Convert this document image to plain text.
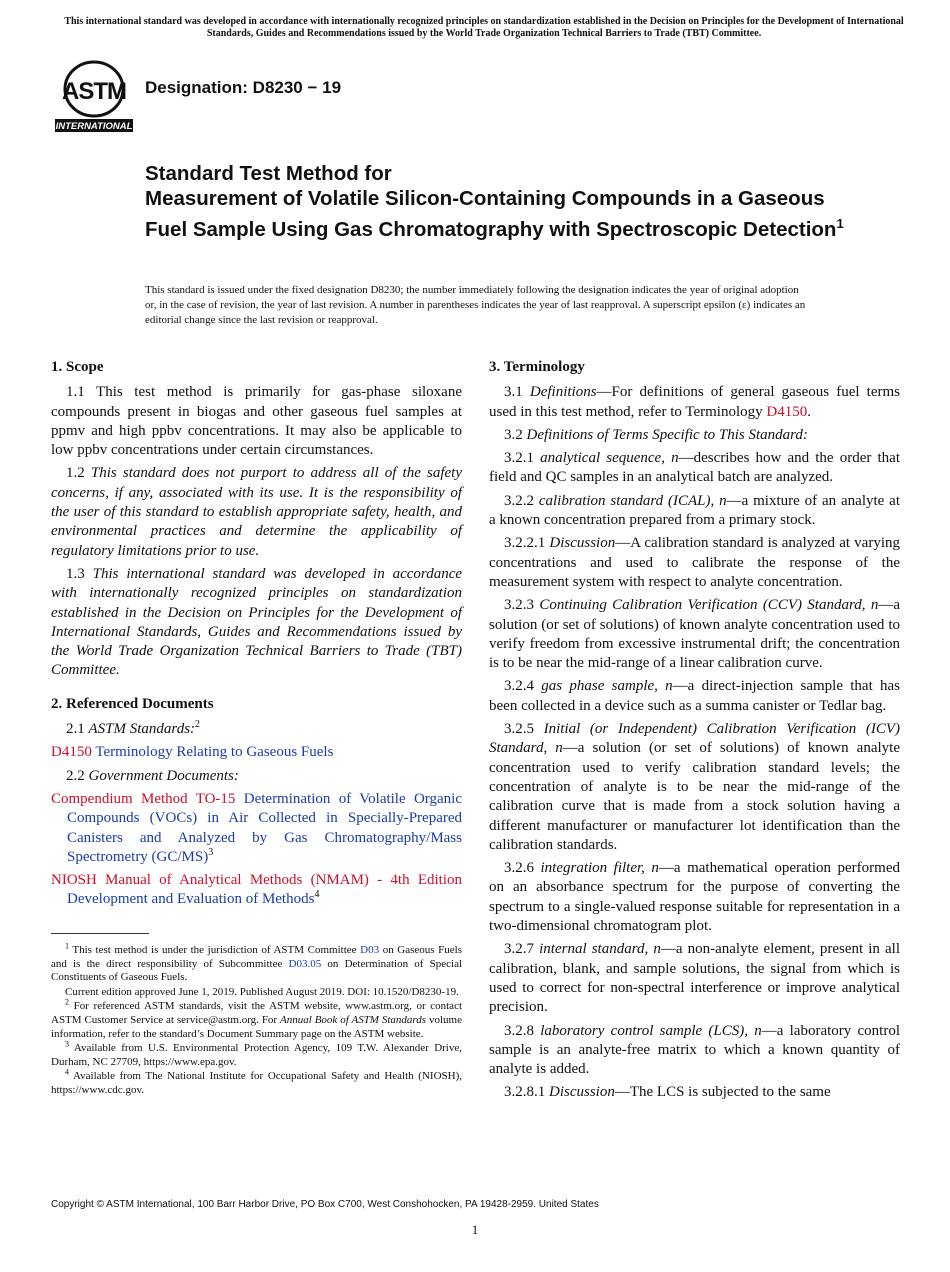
This international standard was developed in accordance with internationally recognized principles on standardization established in the Decision on Principles for the Development of International Standards, Guides and Recommendations issued by the World Trade Organization Technical Barriers to Trade (TBT) Committee.
ASTM
INTERNATIONAL
Designation: D8230 − 19
Standard Test Method for
Measurement of Volatile Silicon-Containing Compounds in a Gaseous Fuel Sample Using Gas Chromatography with Spectroscopic Detection$^1$
This standard is issued under the fixed designation D8230; the number immediately following the designation indicates the year of original adoption or, in the case of revision, the year of last revision. A number in parentheses indicates the year of last reapproval. A superscript epsilon (ε) indicates an editorial change since the last revision or reapproval.
1. Scope

1.1 This test method is primarily for gas-phase siloxane compounds present in biogas and other gaseous fuel samples at ppmv and high ppbv concentrations. It may also be applicable to low ppbv concentrations under certain circumstances.

1.2 This standard does not purport to address all of the safety concerns, if any, associated with its use. It is the responsibility of the user of this standard to establish appropriate safety, health, and environmental practices and determine the applicability of regulatory limitations prior to use.

1.3 This international standard was developed in accordance with internationally recognized principles on standardization established in the Decision on Principles for the Development of International Standards, Guides and Recommendations issued by the World Trade Organization Technical Barriers to Trade (TBT) Committee.

2. Referenced Documents

2.1 ASTM Standards:$^2$

D4150 Terminology Relating to Gaseous Fuels

2.2 Government Documents:

Compendium Method TO-15 Determination of Volatile Organic Compounds (VOCs) in Air Collected in Specially-Prepared Canisters and Analyzed by Gas Chromatography/Mass Spectrometry $(GC/MS)^3$

NIOSH Manual of Analytical Methods (NMAM) - 4th Edition Development and Evaluation of Methods$^4$

$^1$ This test method is under the jurisdiction of ASTM Committee D03 on Gaseous Fuels and is the direct responsibility of Subcommittee D03.05 on Determination of Special Constituents of Gaseous Fuels.

Current edition approved June 1, 2019. Published August 2019. DOI: 10.1520/D8230-19.

$^2$ For referenced ASTM standards, visit the ASTM website, www.astm.org, or contact ASTM Customer Service at service@astm.org. For Annual Book of ASTM Standards volume information, refer to the standard’s Document Summary page on the ASTM website.

$^3$ Available from U.S. Environmental Protection Agency, 109 T.W. Alexander Drive, Durham, NC 27709, https://www.epa.gov.

$^4$ Available from The National Institute for Occupational Safety and Health (NIOSH), https://www.cdc.gov.

3. Terminology

3.1 Definitions—For definitions of general gaseous fuel terms used in this test method, refer to Terminology D4150.

3.2 Definitions of Terms Specific to This Standard:

3.2.1 analytical sequence, n—describes how and the order that field and QC samples in an analytical batch are analyzed.

3.2.2 calibration standard (ICAL), n—a mixture of an analyte at a known concentration prepared from a primary stock.

3.2.2.1 Discussion—A calibration standard is analyzed at varying concentrations and used to calibrate the response of the measurement system with respect to analyte concentration.

3.2.3 Continuing Calibration Verification (CCV) Standard, n—a solution (or set of solutions) of known analyte concentration used to verify freedom from excessive instrumental drift; the concentration is to be near the mid-range of a linear calibration curve.

3.2.4 gas phase sample, n—a direct-injection sample that has been collected in a device such as a summa canister or Tedlar bag.

3.2.5 Initial (or Independent) Calibration Verification (ICV) Standard, n—a solution (or set of solutions) of known analyte concentration used to verify calibration standard levels; the concentration of analyte is to be near the mid-range of the calibration curve that is made from a stock solution having a different manufacturer or manufacturer lot identification than the calibration standards.

3.2.6 integration filter, n—a mathematical operation performed on an absorbance spectrum for the purpose of converting the spectrum to a single-valued response suitable for representation in a two-dimensional chromatogram plot.

3.2.7 internal standard, n—a non-analyte element, present in all calibration, blank, and sample solutions, the signal from which is used to correct for non-spectral interference or improve analytical precision.

3.2.8 laboratory control sample (LCS), n—a laboratory control sample is an analyte-free matrix to which a known quantity of analyte is added.

3.2.8.1 Discussion—The LCS is subjected to the same

Copyright © ASTM International, 100 Barr Harbor Drive, PO Box C700, West Conshohocken, PA 19428-2959. United States
1
